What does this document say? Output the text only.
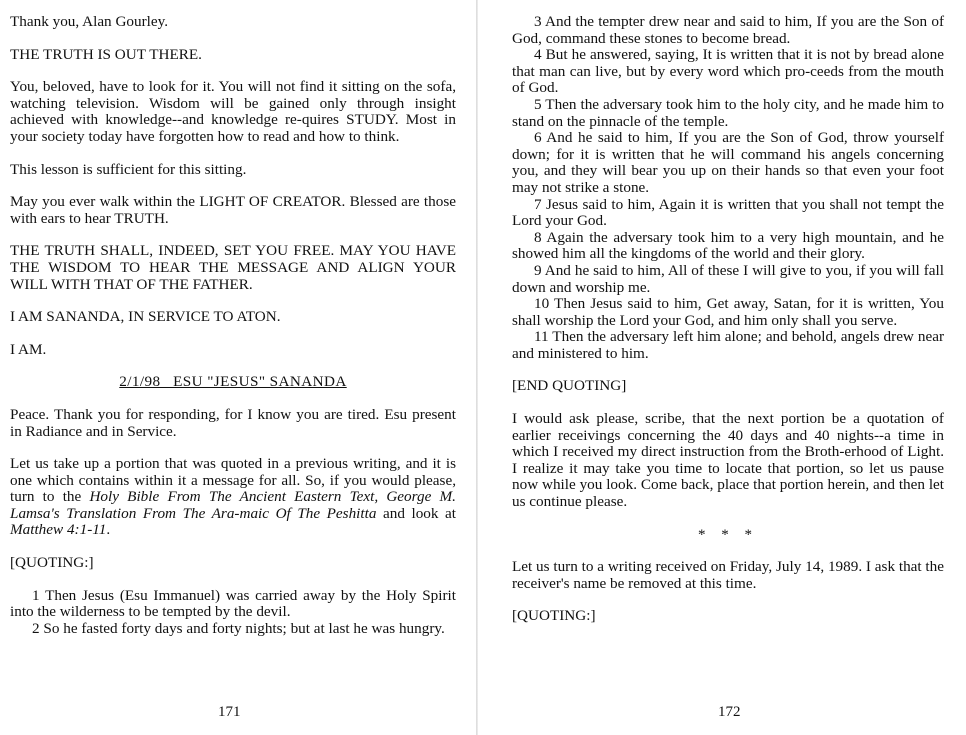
Thank you, Alan Gourley.

THE TRUTH IS OUT THERE.

You, beloved, have to look for it. You will not find it sitting on the sofa, watching television. Wisdom will be gained only through insight achieved with knowledge--and knowledge re-quires STUDY. Most in your society today have forgotten how to read and how to think.

This lesson is sufficient for this sitting.

May you ever walk within the LIGHT OF CREATOR. Blessed are those with ears to hear TRUTH.

THE TRUTH SHALL, INDEED, SET YOU FREE. MAY YOU HAVE THE WISDOM TO HEAR THE MESSAGE AND ALIGN YOUR WILL WITH THAT OF THE FATHER.

I AM SANANDA, IN SERVICE TO ATON.

I AM.

2/1/98   ESU "JESUS" SANANDA

Peace. Thank you for responding, for I know you are tired. Esu present in Radiance and in Service.

Let us take up a portion that was quoted in a previous writing, and it is one which contains within it a message for all. So, if you would please, turn to the Holy Bible From The Ancient Eastern Text, George M. Lamsa's Translation From The Ara-maic Of The Peshitta and look at Matthew 4:1-11.

[QUOTING:]

1 Then Jesus (Esu Immanuel) was carried away by the Holy Spirit into the wilderness to be tempted by the devil.

2 So he fasted forty days and forty nights; but at last he was hungry.

171

3 And the tempter drew near and said to him, If you are the Son of God, command these stones to become bread.

4 But he answered, saying, It is written that it is not by bread alone that man can live, but by every word which pro-ceeds from the mouth of God.

5 Then the adversary took him to the holy city, and he made him to stand on the pinnacle of the temple.

6 And he said to him, If you are the Son of God, throw yourself down; for it is written that he will command his angels concerning you, and they will bear you up on their hands so that even your foot may not strike a stone.

7 Jesus said to him, Again it is written that you shall not tempt the Lord your God.

8 Again the adversary took him to a very high mountain, and he showed him all the kingdoms of the world and their glory.

9 And he said to him, All of these I will give to you, if you will fall down and worship me.

10 Then Jesus said to him, Get away, Satan, for it is written, You shall worship the Lord your God, and him only shall you serve.

11 Then the adversary left him alone; and behold, angels drew near and ministered to him.

[END QUOTING]

I would ask please, scribe, that the next portion be a quotation of earlier receivings concerning the 40 days and 40 nights--a time in which I received my direct instruction from the Broth-erhood of Light. I realize it may take you time to locate that portion, so let us pause now while you look. Come back, place that portion herein, and then let us continue please.

* * *

Let us turn to a writing received on Friday, July 14, 1989. I ask that the receiver's name be removed at this time.

[QUOTING:]

172
